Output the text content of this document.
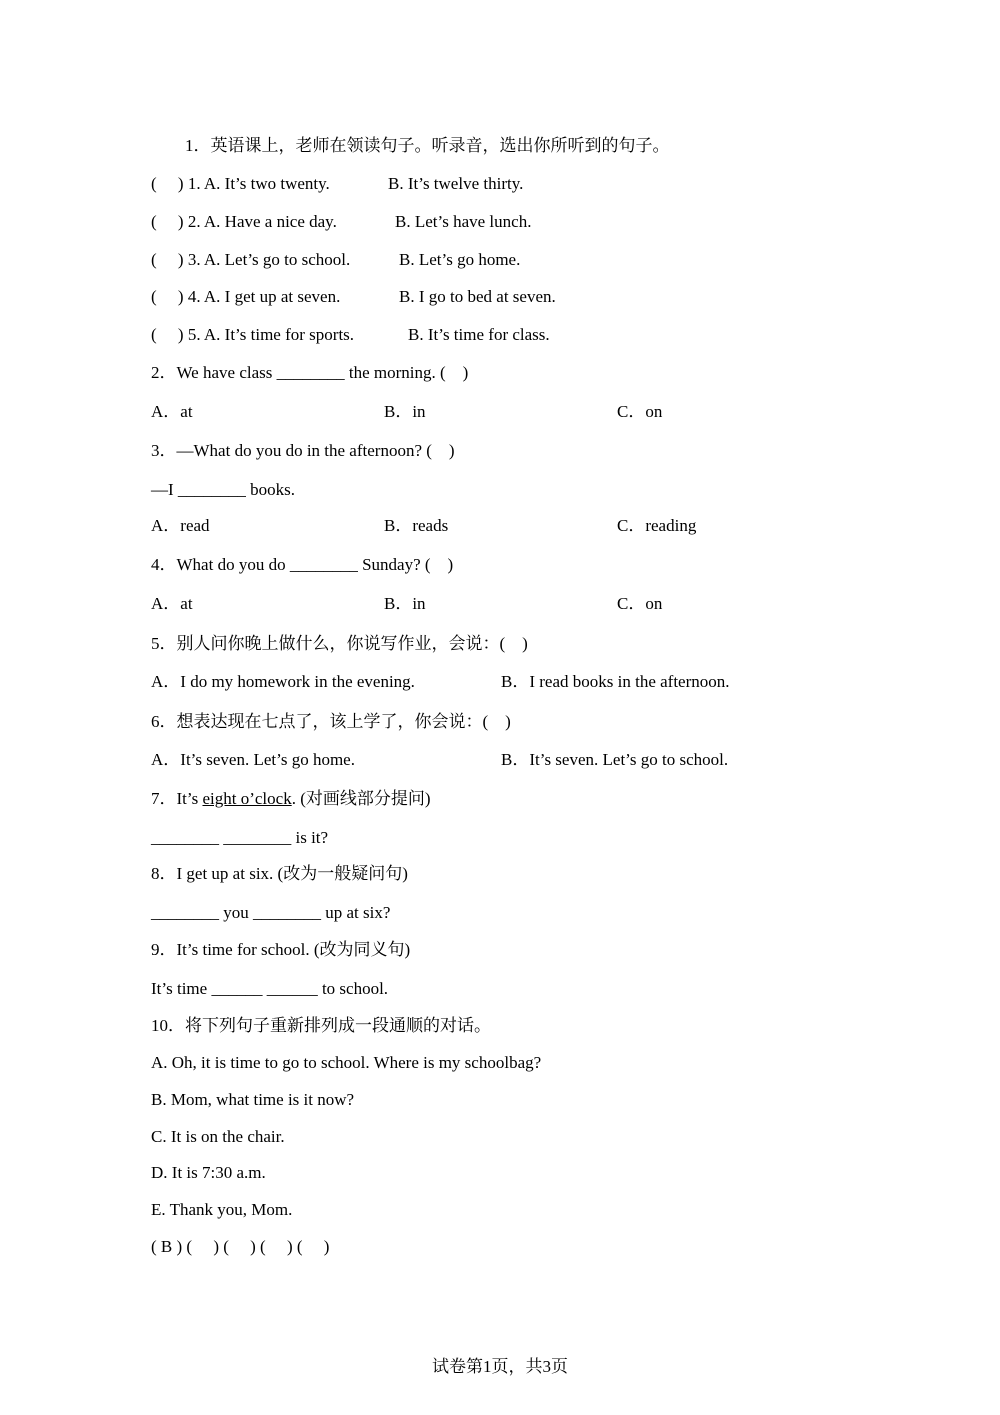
1．英语课上，老师在领读句子。听录音，选出你所听到的句子。
(     ) 1. A. It’s two twenty.	B. It’s twelve thirty.
(     ) 2. A. Have a nice day.	B. Let’s have lunch.
(     ) 3. A. Let’s go to school.	B. Let’s go home.
(     ) 4. A. I get up at seven.	B. I go to bed at seven.
(     ) 5. A. It’s time for sports.	B. It’s time for class.
2．We have class ________ the morning. (    )
A．at	B．in	C．on
3．—What do you do in the afternoon? (    )
—I ________ books.
A．read	B．reads	C．reading
4．What do you do ________ Sunday? (    )
A．at	B．in	C．on
5．别人问你晚上做什么，你说写作业，会说：(    )
A．I do my homework in the evening.	B．I read books in the afternoon.
6．想表达现在七点了，该上学了，你会说：(    )
A．It’s seven. Let’s go home.	B．It’s seven. Let’s go to school.
7．It’s eight o’clock. (对画线部分提问)
________ ________ is it?
8．I get up at six. (改为一般疑问句)
________ you ________ up at six?
9．It’s time for school. (改为同义句)
It’s time ______ ______ to school.
10．将下列句子重新排列成一段通顺的对话。
A. Oh, it is time to go to school. Where is my schoolbag?
B. Mom, what time is it now?
C. It is on the chair.
D. It is 7:30 a.m.
E. Thank you, Mom.
( B ) (     ) (     ) (     ) (     )
试卷第1页，共3页
